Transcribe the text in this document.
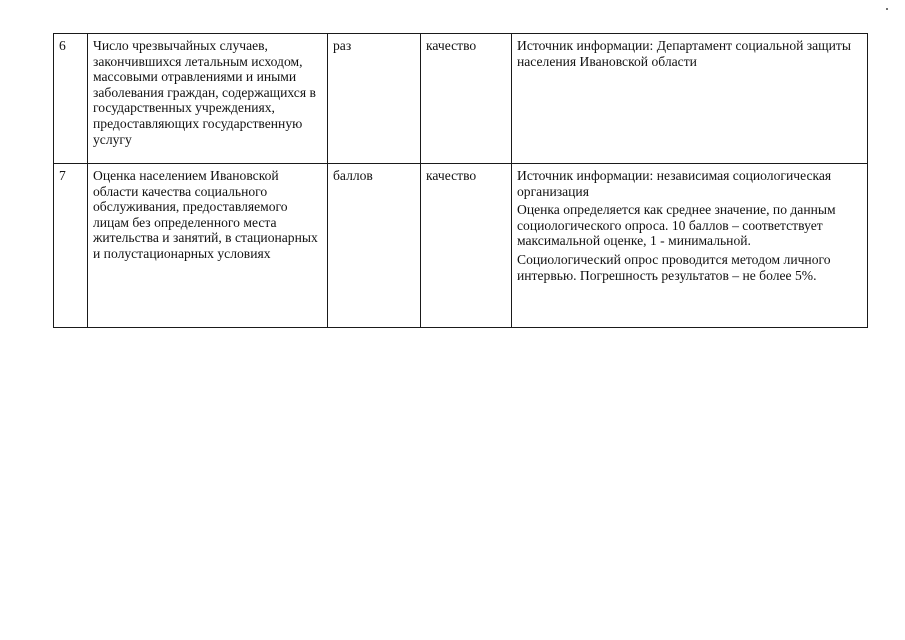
6	Число чрезвычайных случаев, закончившихся летальным исходом, массовыми отравлениями и иными заболевания граждан, содержащихся в государственных учреждениях, предоставляющих государственную услугу	раз	качество	Источник информации: Департамент социальной защиты населения Ивановской области

7	Оценка населением Ивановской области качества социального обслуживания, предоставляемого лицам без определенного места жительства и занятий, в стационарных и полустационарных условиях	баллов	качество	Источник информации: независимая социологическая организация

Оценка определяется как среднее значение, по данным социологического опроса. 10 баллов – соответствует максимальной оценке, 1 - минимальной.

Социологический опрос проводится методом личного интервью. Погрешность результатов – не более 5%.
